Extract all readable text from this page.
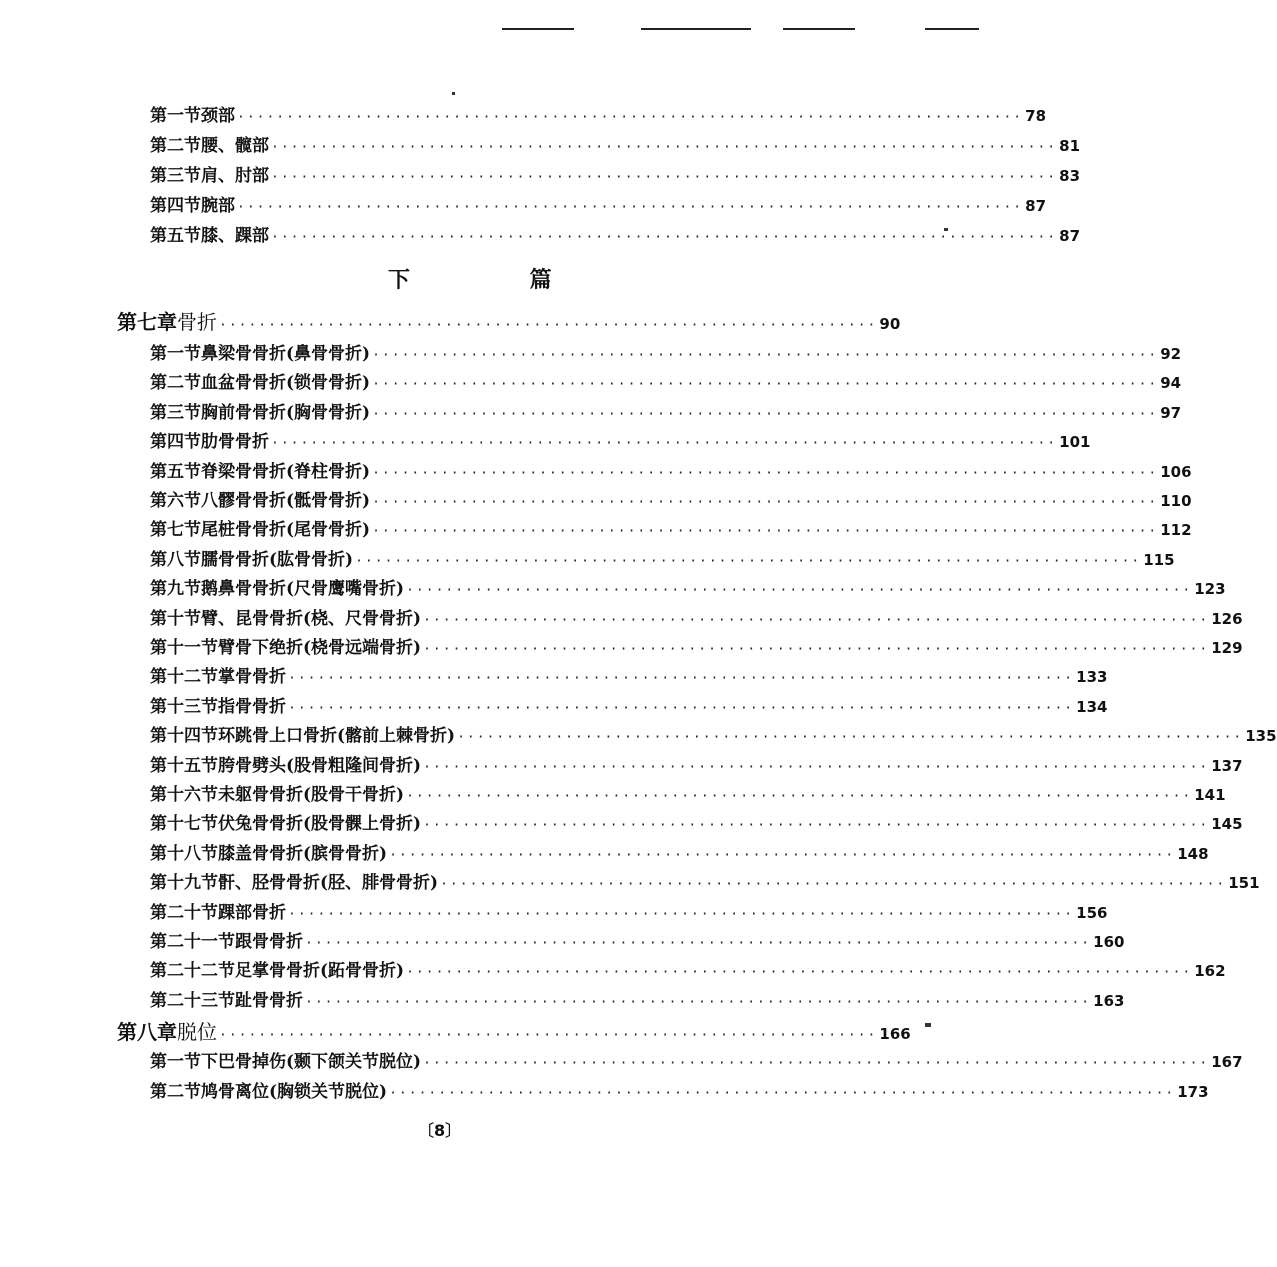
第一节 颈部 ················································································ 78
第二节 腰、髋部 ················································································ 81
第三节 肩、肘部 ················································································ 83
第四节 腕部 ················································································ 87
第五节 膝、踝部 ················································································ 87
下 篇
第七章 骨折 ··································································· 90
第一节 鼻梁骨骨折(鼻骨骨折) ················································································ 92
第二节 血盆骨骨折(锁骨骨折) ················································································ 94
第三节 胸前骨骨折(胸骨骨折) ················································································ 97
第四节 肋骨骨折 ················································································ 101
第五节 脊梁骨骨折(脊柱骨折) ················································································ 106
第六节 八髎骨骨折(骶骨骨折) ················································································ 110
第七节 尾桩骨骨折(尾骨骨折) ················································································ 112
第八节 臑骨骨折(肱骨骨折) ················································································ 115
第九节 鹅鼻骨骨折(尺骨鹰嘴骨折) ················································································ 123
第十节 臂、昆骨骨折(桡、尺骨骨折) ················································································ 126
第十一节 臂骨下绝折(桡骨远端骨折) ················································································ 129
第十二节 掌骨骨折 ················································································ 133
第十三节 指骨骨折 ················································································ 134
第十四节 环跳骨上口骨折(髂前上棘骨折) ················································································ 135
第十五节 胯骨劈头(股骨粗隆间骨折) ················································································ 137
第十六节 未躯骨骨折(股骨干骨折) ················································································ 141
第十七节 伏兔骨骨折(股骨髁上骨折) ················································································ 145
第十八节 膝盖骨骨折(膑骨骨折) ················································································ 148
第十九节 骭、胫骨骨折(胫、腓骨骨折) ················································································ 151
第二十节 踝部骨折 ················································································ 156
第二十一节 跟骨骨折 ················································································ 160
第二十二节 足掌骨骨折(跖骨骨折) ················································································ 162
第二十三节 趾骨骨折 ················································································ 163
第八章 脱位 ··································································· 166
第一节 下巴骨掉伤(颞下颌关节脱位) ················································································ 167
第二节 鸠骨离位(胸锁关节脱位) ················································································ 173
〔8〕
